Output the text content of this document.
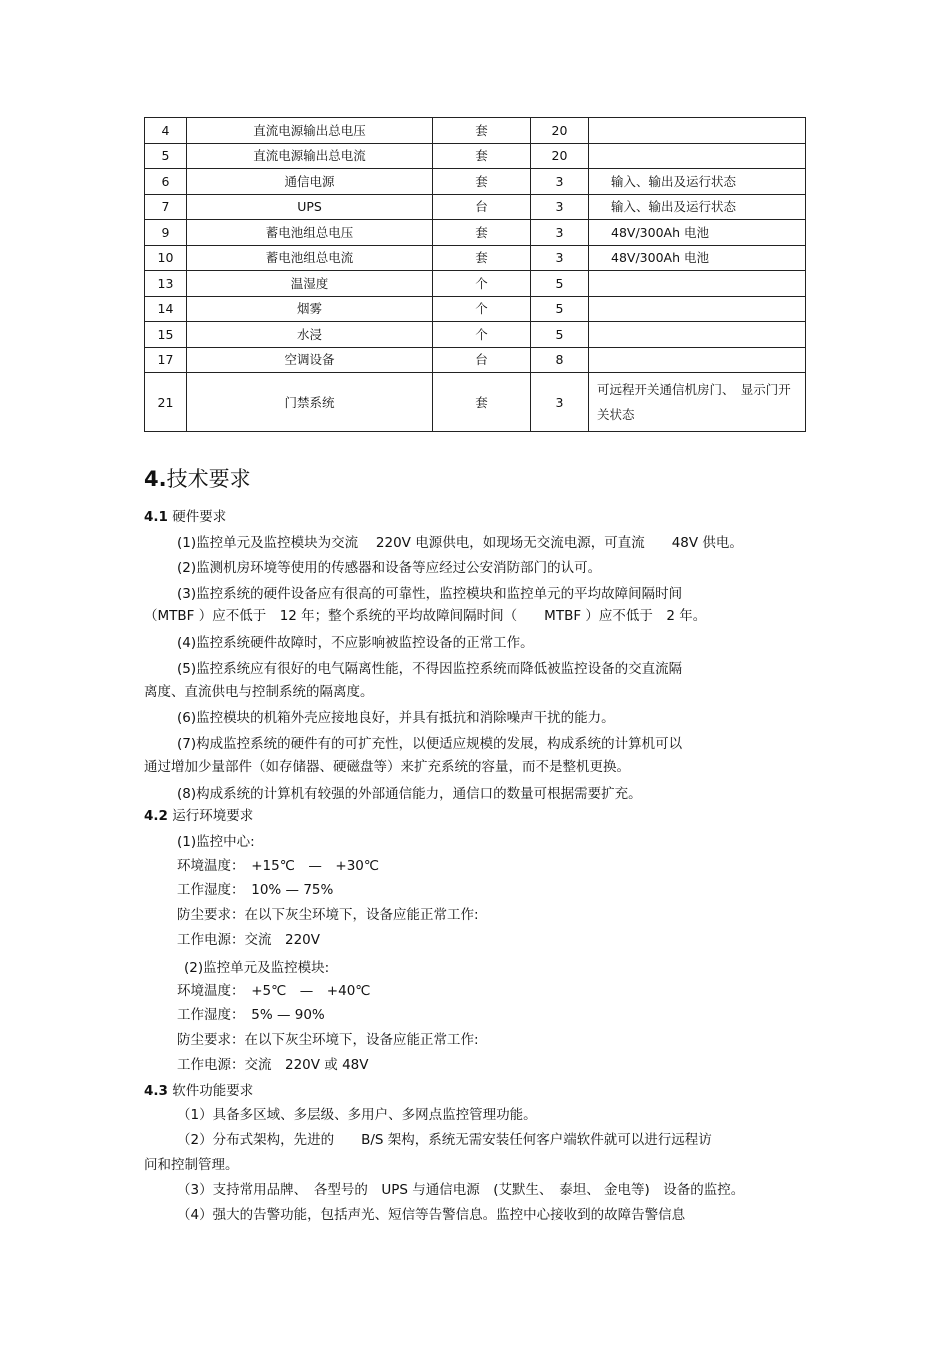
4	直流电源输出总电压	套	20	
5	直流电源输出总电流	套	20	
6	通信电源	套	3	输入、输出及运行状态
7	UPS	台	3	输入、输出及运行状态
9	蓄电池组总电压	套	3	48V/300Ah 电池
10	蓄电池组总电流	套	3	48V/300Ah 电池
13	温湿度	个	5	
14	烟雾	个	5	
15	水浸	个	5	
17	空调设备	台	8	
21	门禁系统	套	3	可远程开关通信机房门、　显示门开关状态
4.技术要求
4.1 硬件要求
(1)监控单元及监控模块为交流　 220V 电源供电，如现场无交流电源，可直流　　48V 供电。
(2)监测机房环境等使用的传感器和设备等应经过公安消防部门的认可。
(3)监控系统的硬件设备应有很高的可靠性，监控模块和监控单元的平均故障间隔时间
（MTBF ）应不低于　12 年；整个系统的平均故障间隔时间（　　MTBF ）应不低于　2 年。
(4)监控系统硬件故障时，不应影响被监控设备的正常工作。
(5)监控系统应有很好的电气隔离性能，不得因监控系统而降低被监控设备的交直流隔
离度、直流供电与控制系统的隔离度。
(6)监控模块的机箱外壳应接地良好，并具有抵抗和消除噪声干扰的能力。
(7)构成监控系统的硬件有的可扩充性，以便适应规模的发展，构成系统的计算机可以
通过增加少量部件（如存储器、硬磁盘等）来扩充系统的容量，而不是整机更换。
(8)构成系统的计算机有较强的外部通信能力，通信口的数量可根据需要扩充。
4.2 运行环境要求
(1)监控中心:
环境温度：　+15℃　—　+30℃
工作湿度：　10% — 75%
防尘要求：在以下灰尘环境下，设备应能正常工作:
工作电源：交流　220V
(2)监控单元及监控模块:
环境温度：　+5℃　—　+40℃
工作湿度：　5% — 90%
防尘要求：在以下灰尘环境下，设备应能正常工作:
工作电源：交流　220V 或 48V
4.3 软件功能要求
（1）具备多区域、多层级、多用户、多网点监控管理功能。
（2）分布式架构，先进的　　B/S 架构，系统无需安装任何客户端软件就可以进行远程访
问和控制管理。
（3）支持常用品牌、　各型号的　UPS 与通信电源　(艾默生、　泰坦、 金电等)　设备的监控。
（4）强大的告警功能，包括声光、短信等告警信息。监控中心接收到的故障告警信息
